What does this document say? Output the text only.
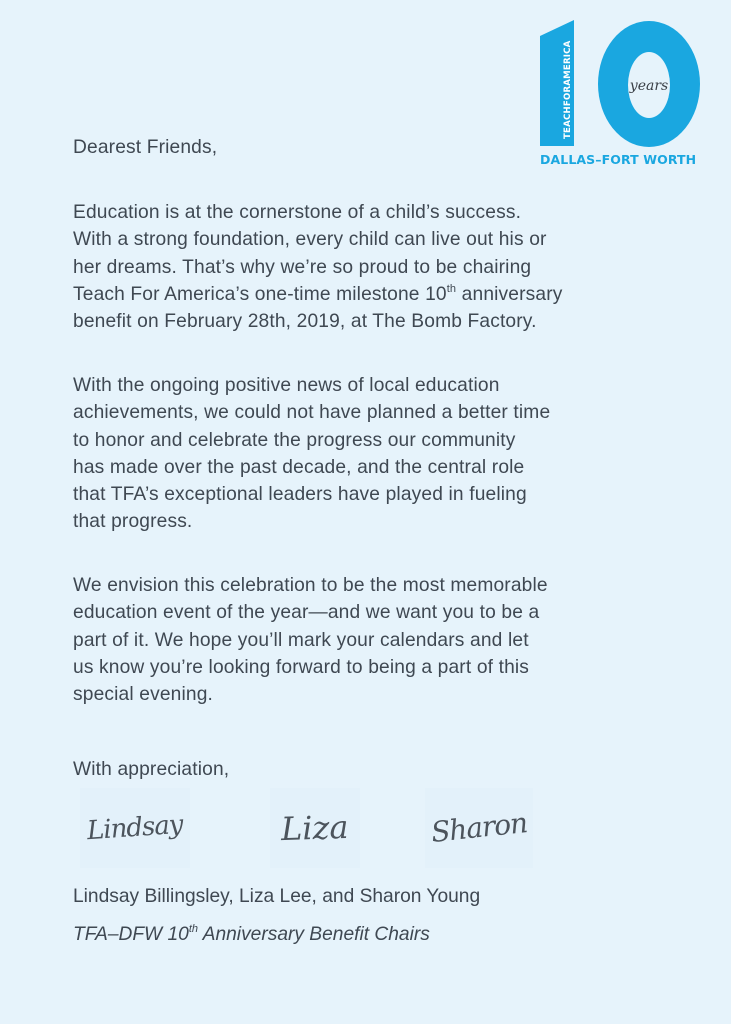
TEACHFORAMERICA	years
DALLAS–FORT WORTH
Dearest Friends,
Education is at the cornerstone of a child’s success.
With a strong foundation, every child can live out his or
her dreams. That’s why we’re so proud to be chairing
Teach For America’s one-time milestone 10th anniversary
benefit on February 28th, 2019, at The Bomb Factory.
With the ongoing positive news of local education
achievements, we could not have planned a better time
to honor and celebrate the progress our community
has made over the past decade, and the central role
that TFA’s exceptional leaders have played in fueling
that progress.
We envision this celebration to be the most memorable
education event of the year—and we want you to be a
part of it. We hope you’ll mark your calendars and let
us know you’re looking forward to being a part of this
special evening.
With appreciation,
Lindsay	Liza	Sharon
Lindsay Billingsley, Liza Lee, and Sharon Young
TFA–DFW 10th Anniversary Benefit Chairs
